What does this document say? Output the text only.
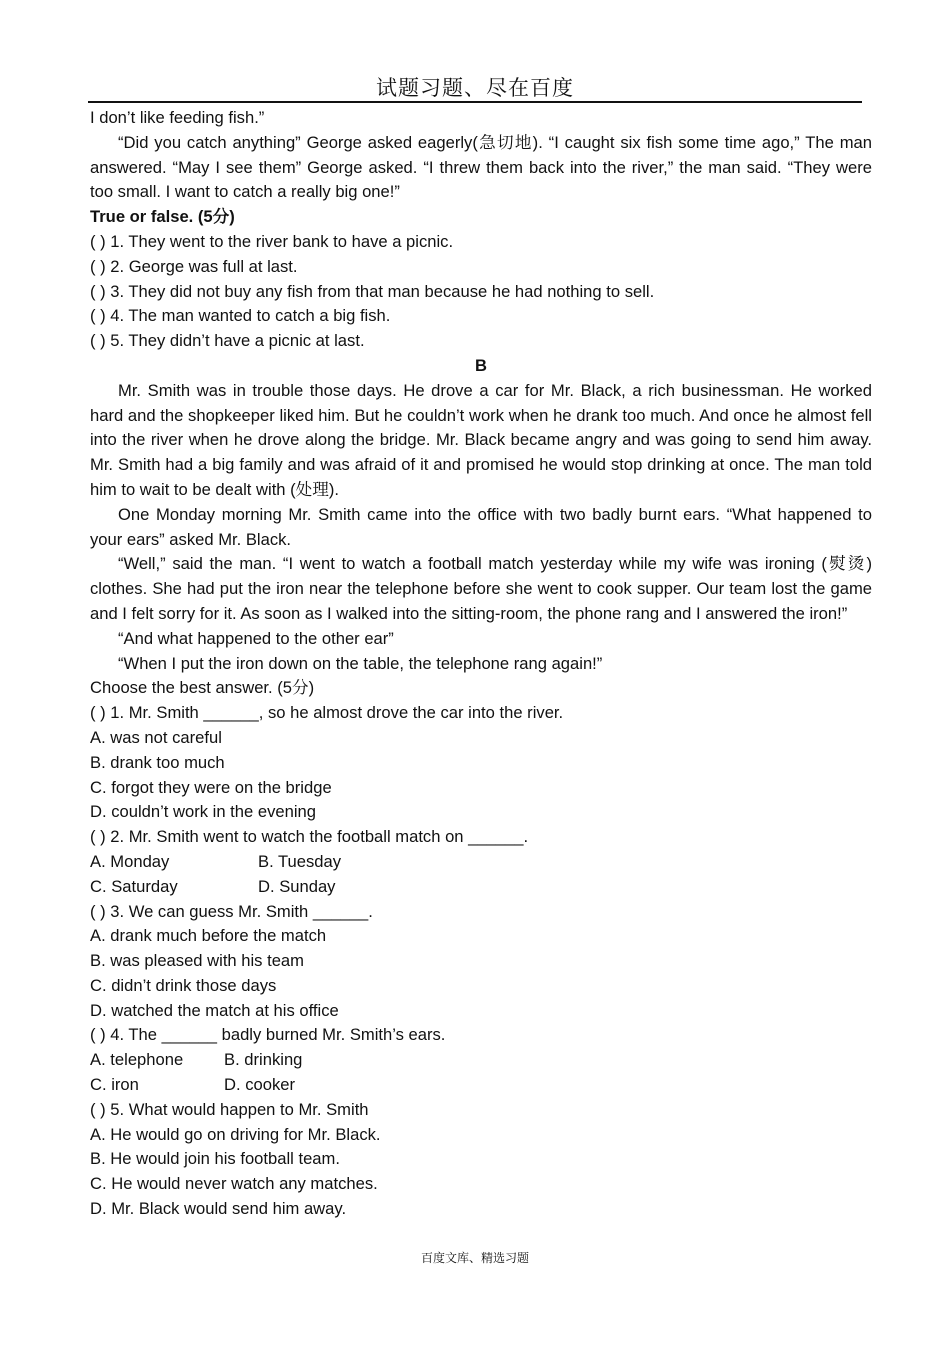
试题习题、尽在百度

I don’t like feeding fish.”

“Did you catch anything” George asked eagerly(急切地). “I caught six fish some time ago,” The man answered. “May I see them” George asked. “I threw them back into the river,” the man said. “They were too small. I want to catch a really big one!”

True or false. (5分)

( ) 1. They went to the river bank to have a picnic.

( ) 2. George was full at last.

( ) 3. They did not buy any fish from that man because he had nothing to sell.

( ) 4. The man wanted to catch a big fish.

( ) 5. They didn’t have a picnic at last.

B

Mr. Smith was in trouble those days. He drove a car for Mr. Black, a rich businessman. He worked hard and the shopkeeper liked him. But he couldn’t work when he drank too much. And once he almost fell into the river when he drove along the bridge. Mr. Black became angry and was going to send him away. Mr. Smith had a big family and was afraid of it and promised he would stop drinking at once. The man told him to wait to be dealt with (处理).

One Monday morning Mr. Smith came into the office with two badly burnt ears. “What happened to your ears” asked Mr. Black.

“Well,” said the man. “I went to watch a football match yesterday while my wife was ironing (熨烫) clothes. She had put the iron near the telephone before she went to cook supper. Our team lost the game and I felt sorry for it. As soon as I walked into the sitting-room, the phone rang and I answered the iron!”

“And what happened to the other ear”

“When I put the iron down on the table, the telephone rang again!”

Choose the best answer. (5分)

( ) 1. Mr. Smith ______, so he almost drove the car into the river.

A. was not careful

B. drank too much

C. forgot they were on the bridge

D. couldn’t work in the evening

( ) 2. Mr. Smith went to watch the football match on ______.

A. Monday	B. Tuesday
C. Saturday	D. Sunday

( ) 3. We can guess Mr. Smith ______.

A. drank much before the match

B. was pleased with his team

C. didn’t drink those days

D. watched the match at his office

( ) 4. The ______ badly burned Mr. Smith’s ears.

A. telephone	B. drinking
C. iron	D. cooker

( ) 5. What would happen to Mr. Smith

A. He would go on driving for Mr. Black.

B. He would join his football team.

C. He would never watch any matches.

D. Mr. Black would send him away.

百度文库、精选习题
